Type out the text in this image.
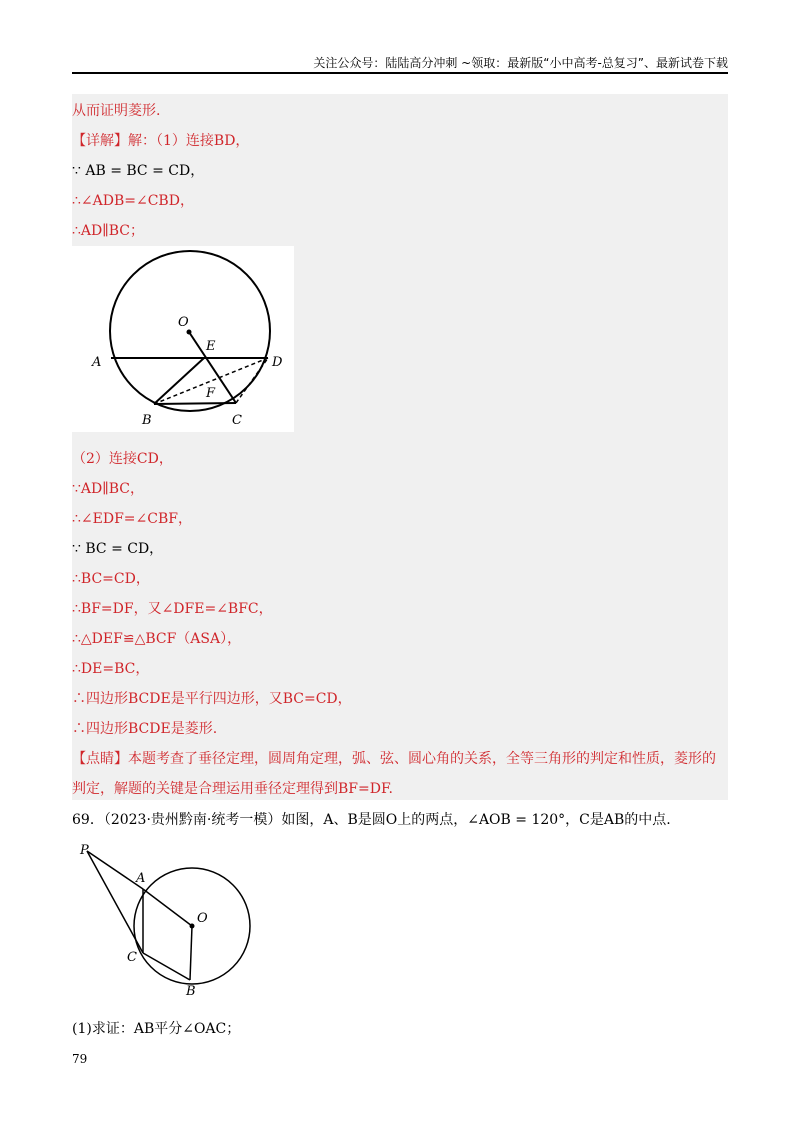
关注公众号：陆陆高分冲刺 ~领取：最新版“小中高考-总复习”、最新试卷下载
从而证明菱形.
【详解】解：（1）连接BD，
∵ AB = BC = CD，
∴∠ADB=∠CBD，
∴AD∥BC；
O
E
A	D
F
B	C
（2）连接CD，
∵AD∥BC，
∴∠EDF=∠CBF，
∵ BC = CD，
∴BC=CD，
∴BF=DF，又∠DFE=∠BFC，
∴△DEF≌△BCF（ASA），
∴DE=BC，
∴四边形BCDE是平行四边形，又BC=CD，
∴四边形BCDE是菱形.
【点睛】本题考查了垂径定理，圆周角定理，弧、弦、圆心角的关系，全等三角形的判定和性质，菱形的
判定，解题的关键是合理运用垂径定理得到BF=DF.
69．（2023·贵州黔南·统考一模）如图，A、B是圆O上的两点，∠AOB = 120°，C是AB的中点.
P
A
O
C
B
(1)求证：AB平分∠OAC；
79
